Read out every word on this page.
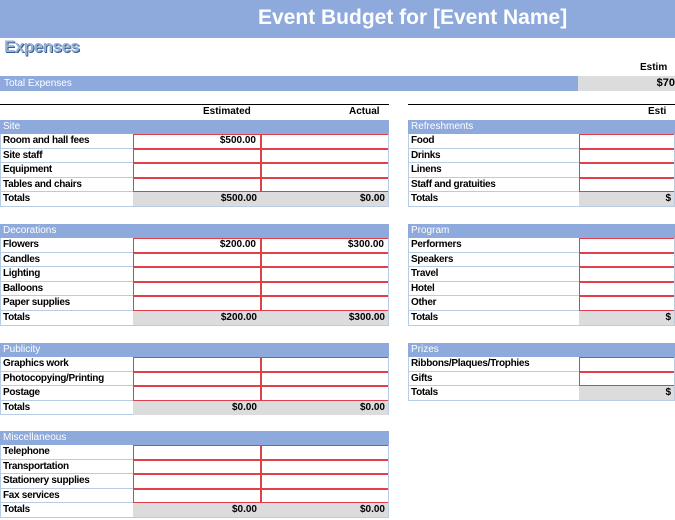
Event Budget for [Event Name]
Expenses
Estim
Total Expenses	$70
Estimated	Actual	Esti
Site
Room and hall fees	$500.00
Site staff
Equipment
Tables and chairs
Totals	$500.00	$0.00
Decorations
Flowers	$200.00	$300.00
Candles
Lighting
Balloons
Paper supplies
Totals	$200.00	$300.00
Publicity
Graphics work
Photocopying/Printing
Postage
Totals	$0.00	$0.00
Miscellaneous
Telephone
Transportation
Stationery supplies
Fax services
Totals	$0.00	$0.00
Refreshments
Food
Drinks
Linens
Staff and gratuities
Totals	$
Program
Performers
Speakers
Travel
Hotel
Other
Totals	$
Prizes
Ribbons/Plaques/Trophies
Gifts
Totals	$
